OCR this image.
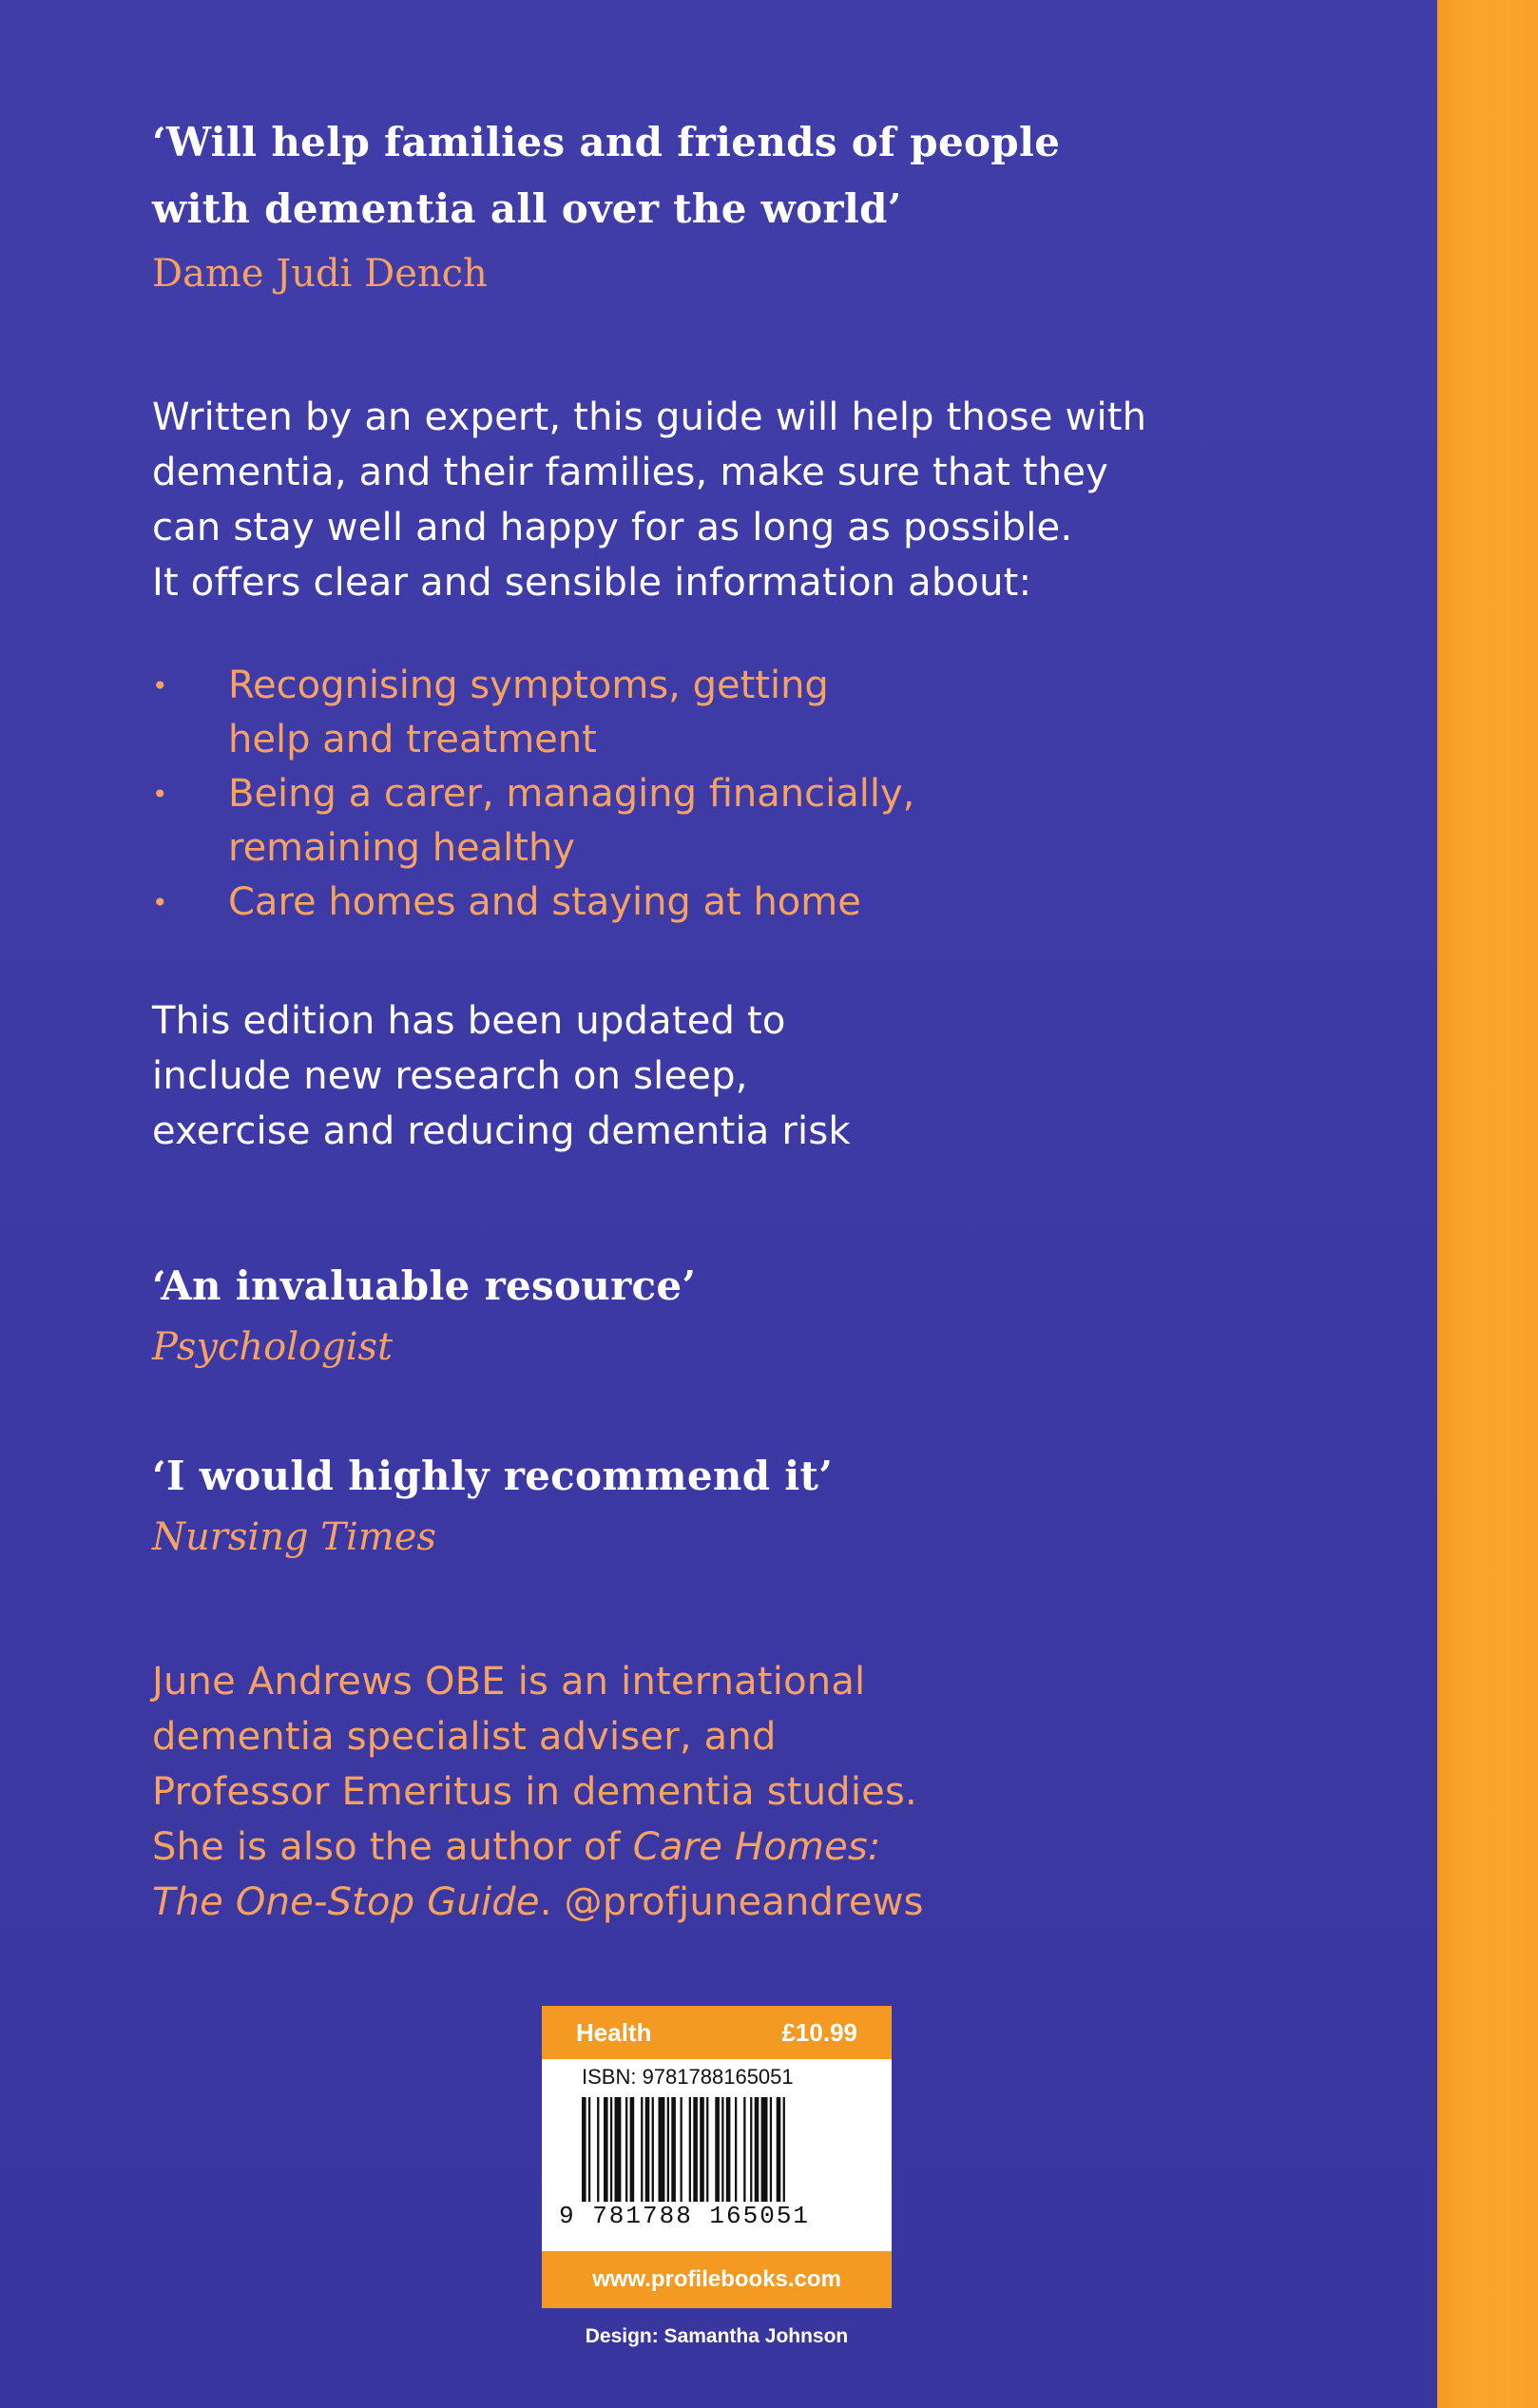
‘Will help families and friends of people
with dementia all over the world’
Dame Judi Dench
Written by an expert, this guide will help those with
dementia, and their families, make sure that they
can stay well and happy for as long as possible.
It offers clear and sensible information about:
• Recognising symptoms, getting
help and treatment
• Being a carer, managing financially,
remaining healthy
• Care homes and staying at home
This edition has been updated to
include new research on sleep,
exercise and reducing dementia risk
‘An invaluable resource’
Psychologist
‘I would highly recommend it’
Nursing Times
June Andrews OBE is an international
dementia specialist adviser, and
Professor Emeritus in dementia studies.
She is also the author of Care Homes:
The One-Stop Guide. @profjuneandrews
Health	£10.99
ISBN: 9781788165051
9 781788 165051
www.profilebooks.com
Design: Samantha Johnson
